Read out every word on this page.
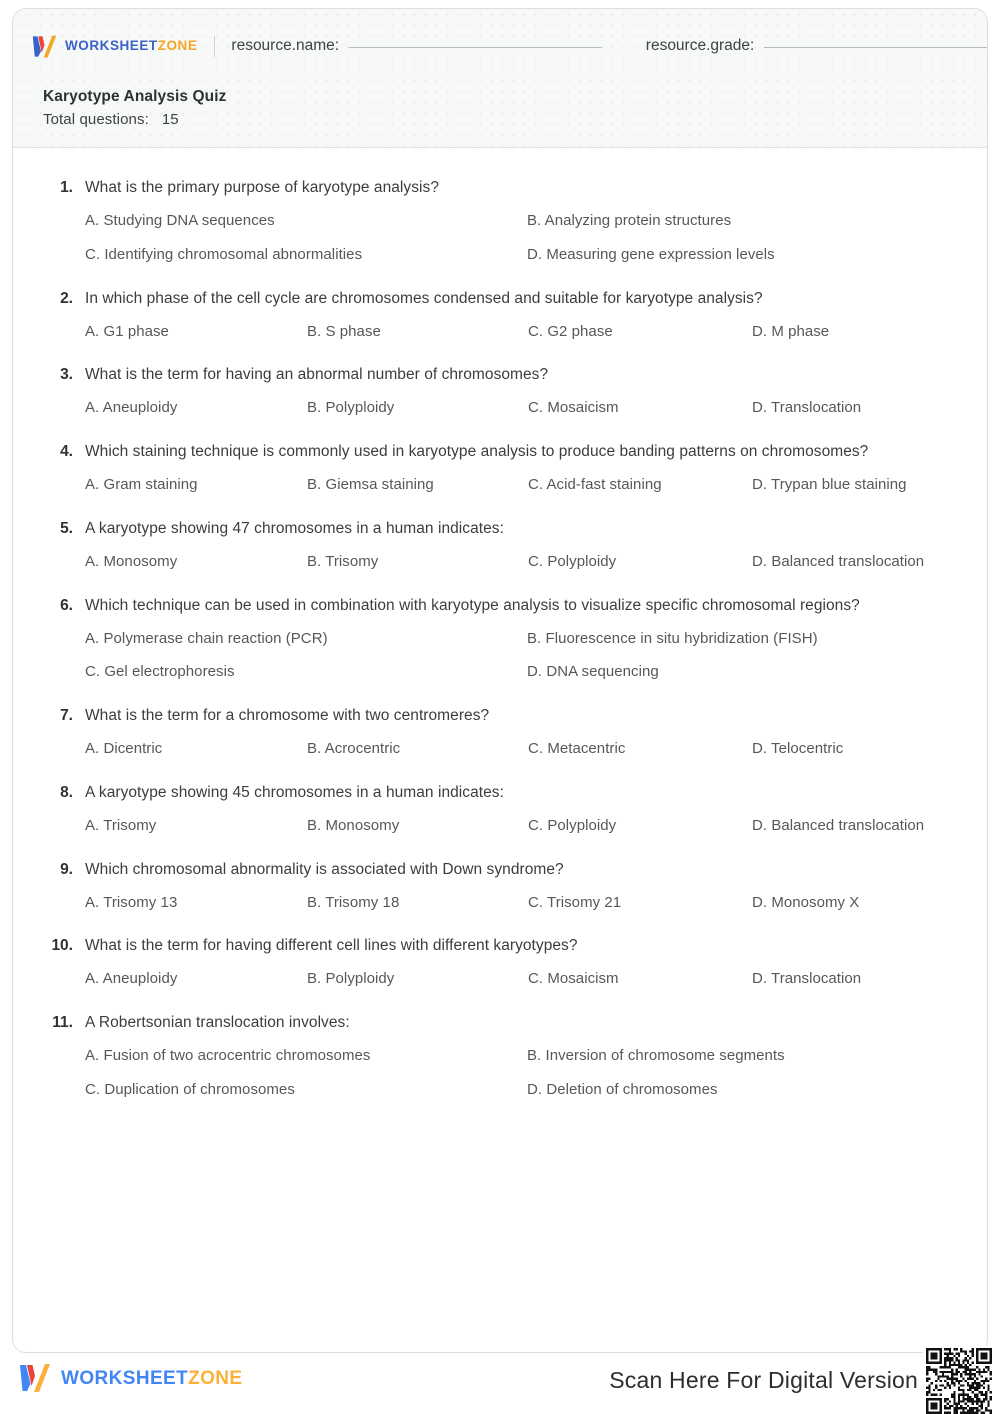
WORKSHEETZONE resource.name:	resource.grade:
Karyotype Analysis Quiz
Total questions: 15
1. What is the primary purpose of karyotype analysis?
A. Studying DNA sequences	B. Analyzing protein structures
C. Identifying chromosomal abnormalities	D. Measuring gene expression levels
2. In which phase of the cell cycle are chromosomes condensed and suitable for karyotype analysis?
A. G1 phase	B. S phase	C. G2 phase	D. M phase
3. What is the term for having an abnormal number of chromosomes?
A. Aneuploidy	B. Polyploidy	C. Mosaicism	D. Translocation
4. Which staining technique is commonly used in karyotype analysis to produce banding patterns on chromosomes?
A. Gram staining	B. Giemsa staining	C. Acid-fast staining	D. Trypan blue staining
5. A karyotype showing 47 chromosomes in a human indicates:
A. Monosomy	B. Trisomy	C. Polyploidy	D. Balanced translocation
6. Which technique can be used in combination with karyotype analysis to visualize specific chromosomal regions?
A. Polymerase chain reaction (PCR)	B. Fluorescence in situ hybridization (FISH)
C. Gel electrophoresis	D. DNA sequencing
7. What is the term for a chromosome with two centromeres?
A. Dicentric	B. Acrocentric	C. Metacentric	D. Telocentric
8. A karyotype showing 45 chromosomes in a human indicates:
A. Trisomy	B. Monosomy	C. Polyploidy	D. Balanced translocation
9. Which chromosomal abnormality is associated with Down syndrome?
A. Trisomy 13	B. Trisomy 18	C. Trisomy 21	D. Monosomy X
10. What is the term for having different cell lines with different karyotypes?
A. Aneuploidy	B. Polyploidy	C. Mosaicism	D. Translocation
11. A Robertsonian translocation involves:
A. Fusion of two acrocentric chromosomes	B. Inversion of chromosome segments
C. Duplication of chromosomes	D. Deletion of chromosomes
WORKSHEETZONE	Scan Here For Digital Version
